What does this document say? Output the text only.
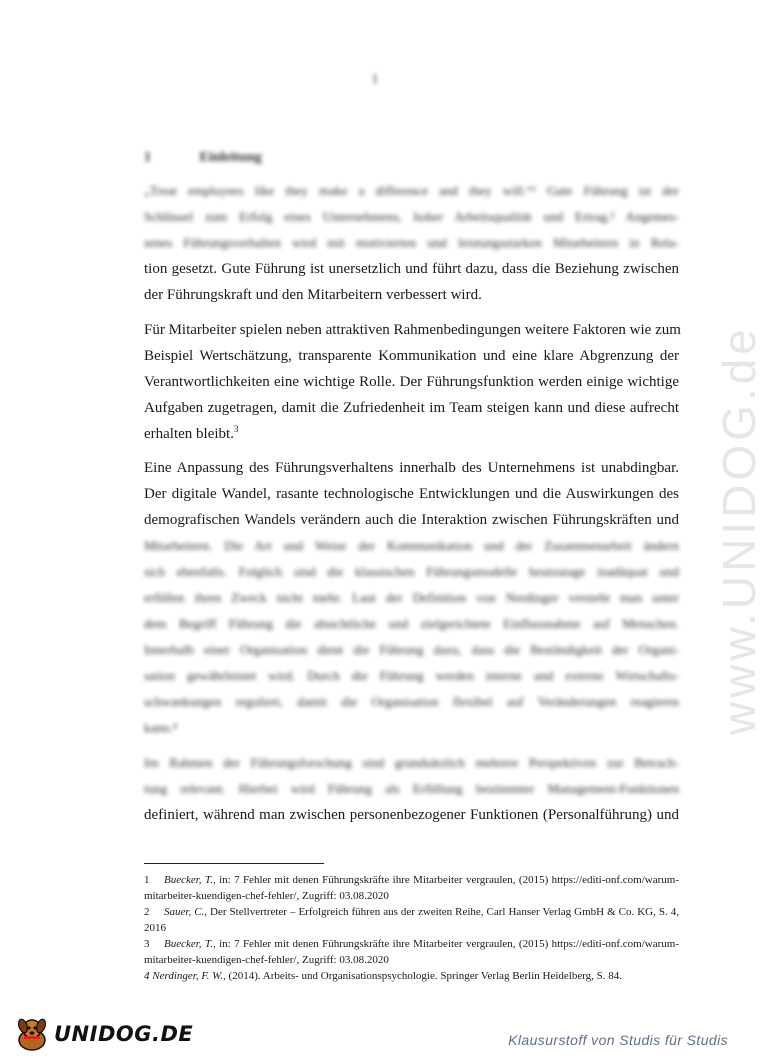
1
1	Einleitung
„Treat employees like they make a difference and they will.“¹ Gute Führung ist der
Schlüssel zum Erfolg eines Unternehmens, hoher Arbeitsqualität und Ertrag.² Angemes-
senes Führungsverhalten wird mit motivierten und leistungsstarken Mitarbeitern in Rela-
tion gesetzt. Gute Führung ist unersetzlich und führt dazu, dass die Beziehung zwischen
der Führungskraft und den Mitarbeitern verbessert wird.
Für Mitarbeiter spielen neben attraktiven Rahmenbedingungen weitere Faktoren wie zum
Beispiel Wertschätzung, transparente Kommunikation und eine klare Abgrenzung der
Verantwortlichkeiten eine wichtige Rolle. Der Führungsfunktion werden einige wichtige
Aufgaben zugetragen, damit die Zufriedenheit im Team steigen kann und diese aufrecht
erhalten bleibt.$^3$
Eine Anpassung des Führungsverhaltens innerhalb des Unternehmens ist unabdingbar.
Der digitale Wandel, rasante technologische Entwicklungen und die Auswirkungen des
demografischen Wandels verändern auch die Interaktion zwischen Führungskräften und
Mitarbeitern. Die Art und Weise der Kommunikation und der Zusammenarbeit ändern
sich ebenfalls. Folglich sind die klassischen Führungsmodelle heutzutage inadäquat und
erfüllen ihren Zweck nicht mehr. Laut der Definition von Nerdinger versteht man unter
dem Begriff Führung die absichtliche und zielgerichtete Einflussnahme auf Menschen.
Innerhalb einer Organisation dient die Führung dazu, dass die Beständigkeit der Organi-
sation gewährleistet wird. Durch die Führung werden interne und externe Wirtschafts-
schwankungen reguliert, damit die Organisation flexibel auf Veränderungen reagieren
kann.⁴
Im Rahmen der Führungsforschung sind grundsätzlich mehrere Perspektiven zur Betrach-
tung relevant. Hierbei wird Führung als Erfüllung bestimmter Management-Funktionen
definiert, während man zwischen personenbezogener Funktionen (Personalführung) und
www.UNIDOG.de
1 Buecker, T., in: 7 Fehler mit denen Führungskräfte ihre Mitarbeiter vergraulen, (2015) https://editi-onf.com/warum-mitarbeiter-kuendigen-chef-fehler/, Zugriff: 03.08.2020
2 Sauer, C., Der Stellvertreter – Erfolgreich führen aus der zweiten Reihe, Carl Hanser Verlag GmbH & Co. KG, S. 4, 2016
3 Buecker, T., in: 7 Fehler mit denen Führungskräfte ihre Mitarbeiter vergraulen, (2015) https://editi-onf.com/warum-mitarbeiter-kuendigen-chef-fehler/, Zugriff: 03.08.2020
4 Nerdinger, F. W., (2014). Arbeits- und Organisationspsychologie. Springer Verlag Berlin Heidelberg, S. 84.
UNIDOG.DE	Klausurstoff von Studis für Studis
